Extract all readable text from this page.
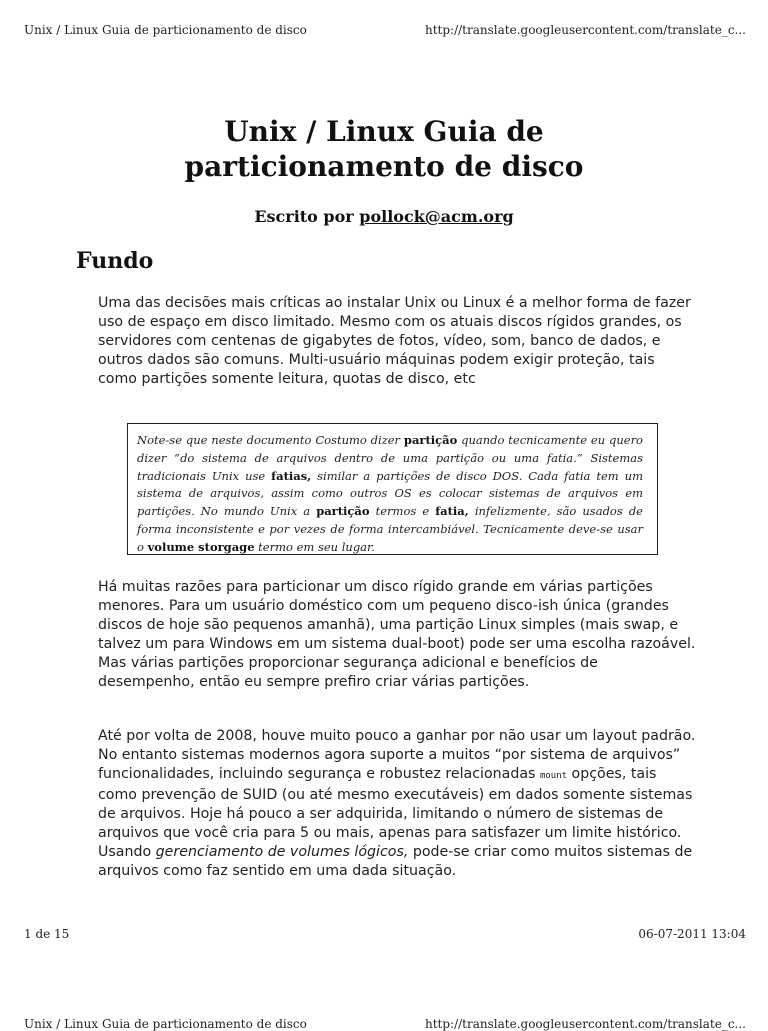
Unix / Linux Guia de particionamento de disco	http://translate.googleusercontent.com/translate_c...
Unix / Linux Guia de
particionamento de disco
Escrito por pollock@acm.org
Fundo

Uma das decisões mais críticas ao instalar Unix ou Linux é a melhor forma de fazer uso de espaço em disco limitado. Mesmo com os atuais discos rígidos grandes, os servidores com centenas de gigabytes de fotos, vídeo, som, banco de dados, e outros dados são comuns. Multi-usuário máquinas podem exigir proteção, tais como partições somente leitura, quotas de disco, etc

Note-se que neste documento Costumo dizer partição quando tecnicamente eu quero dizer “do sistema de arquivos dentro de uma partição ou uma fatia.” Sistemas tradicionais Unix use fatias, similar a partições de disco DOS. Cada fatia tem um sistema de arquivos, assim como outros OS es colocar sistemas de arquivos em partições. No mundo Unix a partição termos e fatia, infelizmente, são usados de forma inconsistente e por vezes de forma intercambiável. Tecnicamente deve-se usar o volume storgage termo em seu lugar.

Há muitas razões para particionar um disco rígido grande em várias partições menores. Para um usuário doméstico com um pequeno disco-ish única (grandes discos de hoje são pequenos amanhã), uma partição Linux simples (mais swap, e talvez um para Windows em um sistema dual-boot) pode ser uma escolha razoável. Mas várias partições proporcionar segurança adicional e benefícios de desempenho, então eu sempre prefiro criar várias partições.

Até por volta de 2008, houve muito pouco a ganhar por não usar um layout padrão. No entanto sistemas modernos agora suporte a muitos “por sistema de arquivos” funcionalidades, incluindo segurança e robustez relacionadas mount opções, tais como prevenção de SUID (ou até mesmo executáveis) em dados somente sistemas de arquivos. Hoje há pouco a ser adquirida, limitando o número de sistemas de arquivos que você cria para 5 ou mais, apenas para satisfazer um limite histórico. Usando gerenciamento de volumes lógicos, pode-se criar como muitos sistemas de arquivos como faz sentido em uma dada situação.

1 de 15	06-07-2011 13:04
Unix / Linux Guia de particionamento de disco	http://translate.googleusercontent.com/translate_c...
